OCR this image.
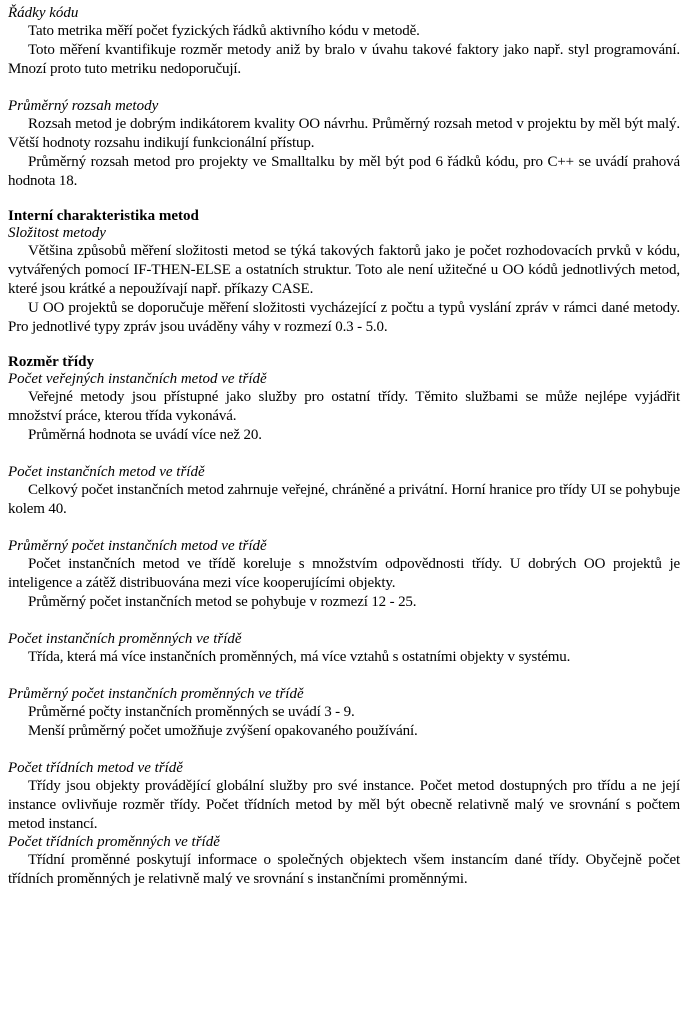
Řádky kódu

Tato metrika měří počet fyzických řádků aktivního kódu v metodě.

Toto měření kvantifikuje rozměr metody aniž by bralo v úvahu takové faktory jako např. styl programování. Mnozí proto tuto metriku nedoporučují.

Průměrný rozsah metody

Rozsah metod je dobrým indikátorem kvality OO návrhu. Průměrný rozsah metod v projektu by měl být malý. Větší hodnoty rozsahu indikují funkcionální přístup.

Průměrný rozsah metod pro projekty ve Smalltalku by měl být pod 6 řádků kódu, pro C++ se uvádí prahová hodnota 18.

Interní charakteristika metod

Složitost metody

Většina způsobů měření složitosti metod se týká takových faktorů jako je počet rozhodovacích prvků v kódu, vytvářených pomocí IF-THEN-ELSE a ostatních struktur. Toto ale není užitečné u OO kódů jednotlivých metod, které jsou krátké a nepoužívají např. příkazy CASE.

U OO projektů se doporučuje měření složitosti vycházející z počtu a typů vyslání zpráv v rámci dané metody. Pro jednotlivé typy zpráv jsou uváděny váhy v rozmezí 0.3 - 5.0.

Rozměr třídy

Počet veřejných instančních metod ve třídě

Veřejné metody jsou přístupné jako služby pro ostatní třídy. Těmito službami se může nejlépe vyjádřit množství práce, kterou třída vykonává.

Průměrná hodnota se uvádí více než 20.

Počet instančních metod ve třídě

Celkový počet instančních metod zahrnuje veřejné, chráněné a privátní. Horní hranice pro třídy UI se pohybuje kolem 40.

Průměrný počet instančních metod ve třídě

Počet instančních metod ve třídě koreluje s množstvím odpovědnosti třídy. U dobrých OO projektů je inteligence a zátěž distribuována mezi více kooperujícími objekty.

Průměrný počet instančních metod se pohybuje v rozmezí 12 - 25.

Počet instančních proměnných ve třídě

Třída, která má více instančních proměnných, má více vztahů s ostatními objekty v systému.

Průměrný počet instančních proměnných ve třídě

Průměrné počty instančních proměnných se uvádí 3 - 9.

Menší průměrný počet umožňuje zvýšení opakovaného používání.

Počet třídních metod ve třídě

Třídy jsou objekty provádějící globální služby pro své instance. Počet metod dostupných pro třídu a ne její instance ovlivňuje rozměr třídy. Počet třídních metod by měl být obecně relativně malý ve srovnání s počtem metod instancí.

Počet třídních proměnných ve třídě

Třídní proměnné poskytují informace o společných objektech všem instancím dané třídy. Obyčejně počet třídních proměnných je relativně malý ve srovnání s instančními proměnnými.
